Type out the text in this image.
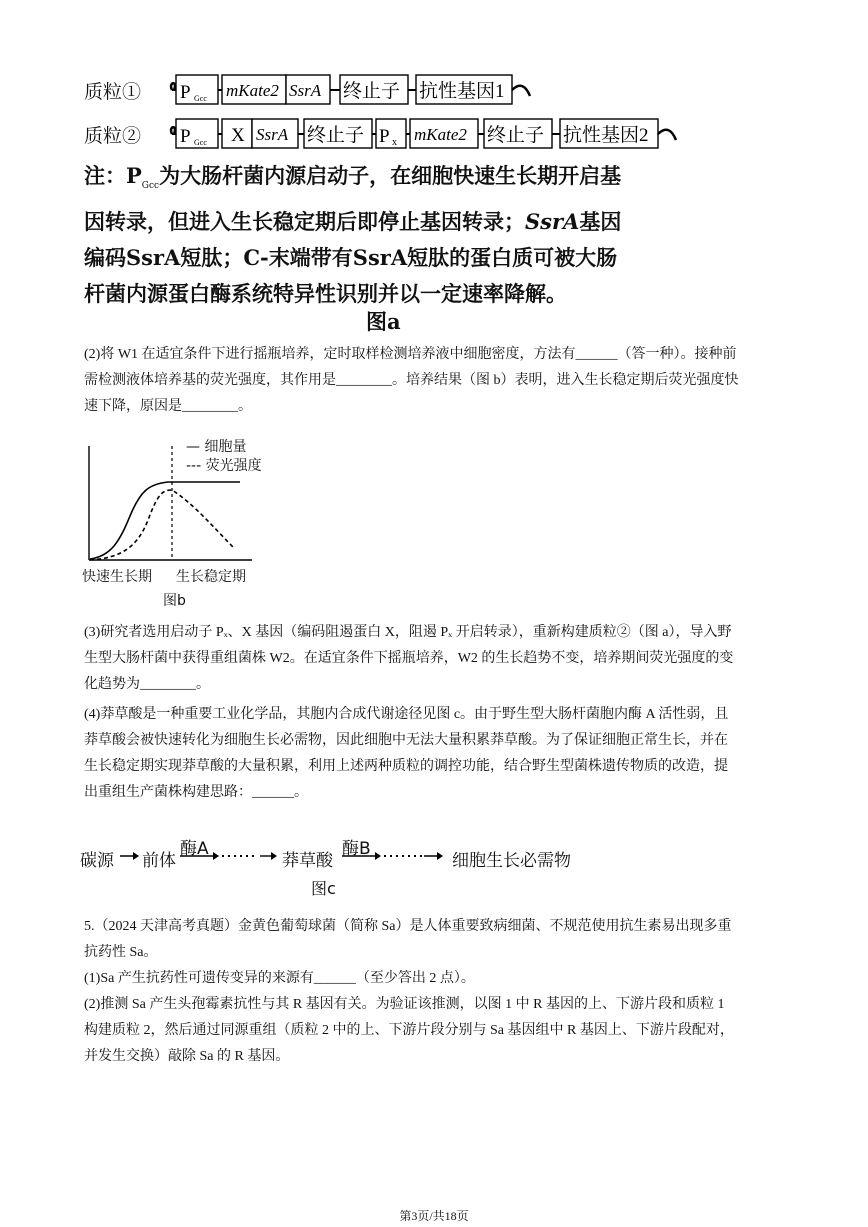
质粒①	P Gcc mKate2 SsrA 终止子 抗性基因1
质粒②	P Gcc X SsrA 终止子 P x mKate2 终止子 抗性基因2
注：$P_{Gcc}$为大肠杆菌内源启动子，在细胞快速生长期开启基
因转录，但进入生长稳定期后即停止基因转录；SsrA基因
编码SsrA短肽；C-末端带有SsrA短肽的蛋白质可被大肠
杆菌内源蛋白酶系统特异性识别并以一定速率降解。
图a
(2)将 W1 在适宜条件下进行摇瓶培养，定时取样检测培养液中细胞密度，方法有______（答一种）。接种前
需检测液体培养基的荧光强度，其作用是________。培养结果（图 b）表明，进入生长稳定期后荧光强度快
速下降，原因是________。
— 细胞量
--- 荧光强度
快速生长期 生长稳定期
图b
(3)研究者选用启动子 Pₓ、X 基因（编码阻遏蛋白 X，阻遏 Pₓ 开启转录），重新构建质粒②（图 a），导入野
生型大肠杆菌中获得重组菌株 W2。在适宜条件下摇瓶培养，W2 的生长趋势不变，培养期间荧光强度的变
化趋势为________。
(4)莽草酸是一种重要工业化学品，其胞内合成代谢途径见图 c。由于野生型大肠杆菌胞内酶 A 活性弱，且
莽草酸会被快速转化为细胞生长必需物，因此细胞中无法大量积累莽草酸。为了保证细胞正常生长，并在
生长稳定期实现莽草酸的大量积累，利用上述两种质粒的调控功能，结合野生型菌株遗传物质的改造，提
出重组生产菌株构建思路：______。
碳源 前体
酶A
莽草酸
酶B
细胞生长必需物
图c
5.（2024 天津高考真题）金黄色葡萄球菌（简称 Sa）是人体重要致病细菌、不规范使用抗生素易出现多重
抗药性 Sa。
(1)Sa 产生抗药性可遗传变异的来源有______（至少答出 2 点）。
(2)推测 Sa 产生头孢霉素抗性与其 R 基因有关。为验证该推测，以图 1 中 R 基因的上、下游片段和质粒 1
构建质粒 2，然后通过同源重组（质粒 2 中的上、下游片段分别与 Sa 基因组中 R 基因上、下游片段配对，
并发生交换）敲除 Sa 的 R 基因。
第3页/共18页
